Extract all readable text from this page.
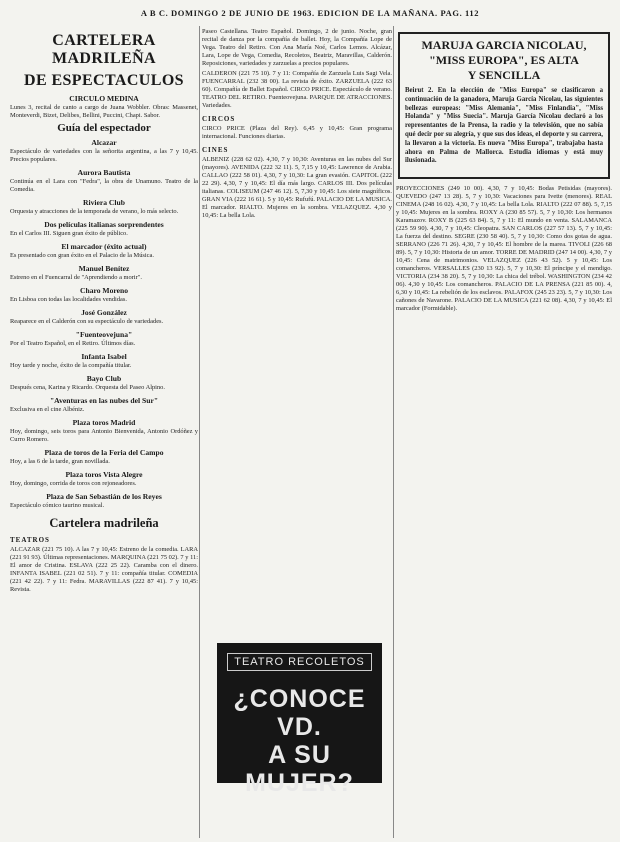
A B C. DOMINGO 2 DE JUNIO DE 1963. EDICION DE LA MAÑANA. PAG. 112
CARTELERA MADRILEÑA
DE ESPECTACULOS
CIRCULO MEDINA

Lunes 3, recital de canto a cargo de Juana Wobbler. Obras: Massenet, Monteverdi, Bizet, Delibes, Bellini, Puccini, Chapi. Sabor.

Guía del espectador
Alcazar

Espectáculo de variedades con la señorita argentina, a las 7 y 10,45. Precios populares.

Aurora Bautista

Continúa en el Lara con "Fedra", la obra de Unamuno. Teatro de la Comedia.

Riviera Club

Orquesta y atracciones de la temporada de verano, lo más selecto.

Dos películas italianas sorprendentes

En el Carlos III. Siguen gran éxito de público.

El marcador (éxito actual)

Es presentado con gran éxito en el Palacio de la Música.

Manuel Benítez

Estreno en el Fuencarral de "Aprendiendo a morir".

Charo Moreno

En Lisboa con todas las localidades vendidas.

José González

Reaparece en el Calderón con su espectáculo de variedades.

"Fuenteovejuna"

Por el Teatro Español, en el Retiro. Últimos días.

Infanta Isabel

Hoy tarde y noche, éxito de la compañía titular.

Bayo Club

Después cena, Karina y Ricardo. Orquesta del Paseo Alpino.

"Aventuras en las nubes del Sur"

Exclusiva en el cine Albéniz.

Plaza toros Madrid

Hoy, domingo, seis toros para Antonio Bienvenida, Antonio Ordóñez y Curro Romero.

Plaza de toros de la Feria del Campo

Hoy, a las 6 de la tarde, gran novillada.

Plaza toros Vista Alegre

Hoy, domingo, corrida de toros con rejoneadores.

Plaza de San Sebastián de los Reyes

Espectáculo cómico taurino musical.

Cartelera madrileña
TEATROS

ALCAZAR (221 75 10). A las 7 y 10,45: Estreno de la comedia. LARA (221 91 93). Últimas representaciones. MARQUINA (221 75 02). 7 y 11: El amor de Cristina. ESLAVA (222 25 22). Caramba con el dinero. INFANTA ISABEL (221 02 51). 7 y 11: compañía titular. COMEDIA (221 42 22). 7 y 11: Fedra. MARAVILLAS (222 87 41). 7 y 10,45: Revista.

Paseo Castellana. Teatro Español. Domingo, 2 de junio. Noche, gran recital de danza por la compañía de ballet. Hoy, la Compañía Lope de Vega. Teatro del Retiro. Con Ana María Noé, Carlos Lemos. Alcázar, Lara, Lope de Vega, Comedia, Recoletos, Beatriz, Maravillas, Calderón. Reposiciones, variedades y zarzuelas a precios populares.

CALDERON (221 75 10). 7 y 11: Compañía de Zarzuela Luis Sagi Vela. FUENCARRAL (232 38 00). La revista de éxito. ZARZUELA (222 63 60). Compañía de Ballet Español. CIRCO PRICE. Espectáculo de verano. TEATRO DEL RETIRO. Fuenteovejuna. PARQUE DE ATRACCIONES. Variedades.

CIRCOS

CIRCO PRICE (Plaza del Rey). 6,45 y 10,45: Gran programa internacional. Funciones diarias.

CINES

ALBENIZ (228 62 02). 4,30, 7 y 10,30: Aventuras en las nubes del Sur (mayores). AVENIDA (222 32 11). 5, 7,15 y 10,45: Lawrence de Arabia. CALLAO (222 58 01). 4,30, 7 y 10,30: La gran evasión. CAPITOL (222 22 29). 4,30, 7 y 10,45: El día más largo. CARLOS III. Dos películas italianas. COLISEUM (247 46 12). 5, 7,30 y 10,45: Los siete magníficos. GRAN VIA (222 16 61). 5 y 10,45: Rufufú. PALACIO DE LA MUSICA. El marcador. RIALTO. Mujeres en la sombra. VELAZQUEZ. 4,30 y 10,45: La bella Lola.

TEATRO RECOLETOS
¿CONOCE VD.
A SU MUJER?
MARUJA GARCIA NICOLAU,
"MISS EUROPA", ES ALTA
Y SENCILLA

Beirut 2. En la elección de "Miss Europa" se clasificaron a continuación de la ganadora, Maruja García Nicolau, las siguientes bellezas europeas: "Miss Alemania", "Miss Finlandia", "Miss Holanda" y "Miss Suecia". Maruja García Nicolau declaró a los representantes de la Prensa, la radio y la televisión, que no sabía qué decir por su alegría, y que sus dos ideas, el deporte y su carrera, la llevaron a la victoria. Es nueva "Miss Europa", trabajaba hasta ahora en Palma de Mallorca. Estudia idiomas y está muy ilusionada.

PROYECCIONES (249 10 00). 4,30, 7 y 10,45: Bodas Petisidas (mayores). QUEVEDO (247 13 28). 5, 7 y 10,30: Vacaciones para Ivette (menores). REAL CINEMA (248 16 02). 4,30, 7 y 10,45: La bella Lola. RIALTO (222 07 88). 5, 7,15 y 10,45: Mujeres en la sombra. ROXY A (230 85 57). 5, 7 y 10,30: Los hermanos Karamazov. ROXY B (225 63 84). 5, 7 y 11: El mundo en venta. SALAMANCA (225 59 90). 4,30, 7 y 10,45: Cleopatra. SAN CARLOS (227 57 13). 5, 7 y 10,45: La fuerza del destino. SEGRE (230 58 40). 5, 7 y 10,30: Como dos gotas de agua. SERRANO (226 71 26). 4,30, 7 y 10,45: El hombre de la marea. TIVOLI (226 68 89). 5, 7 y 10,30: Historia de un amor. TORRE DE MADRID (247 14 00). 4,30, 7 y 10,45: Cena de matrimonios. VELAZQUEZ (226 43 52). 5 y 10,45: Los comancheros. VERSALLES (230 13 92). 5, 7 y 10,30: El príncipe y el mendigo. VICTORIA (234 38 20). 5, 7 y 10,30: La chica del trébol. WASHINGTON (234 42 06). 4,30 y 10,45: Los comancheros. PALACIO DE LA PRENSA (221 85 00). 4, 6,30 y 10,45: La rebelión de los esclavos. PALAFOX (245 23 23). 5, 7 y 10,30: Los cañones de Navarone. PALACIO DE LA MUSICA (221 62 08). 4,30, 7 y 10,45: El marcador (Formidable).
